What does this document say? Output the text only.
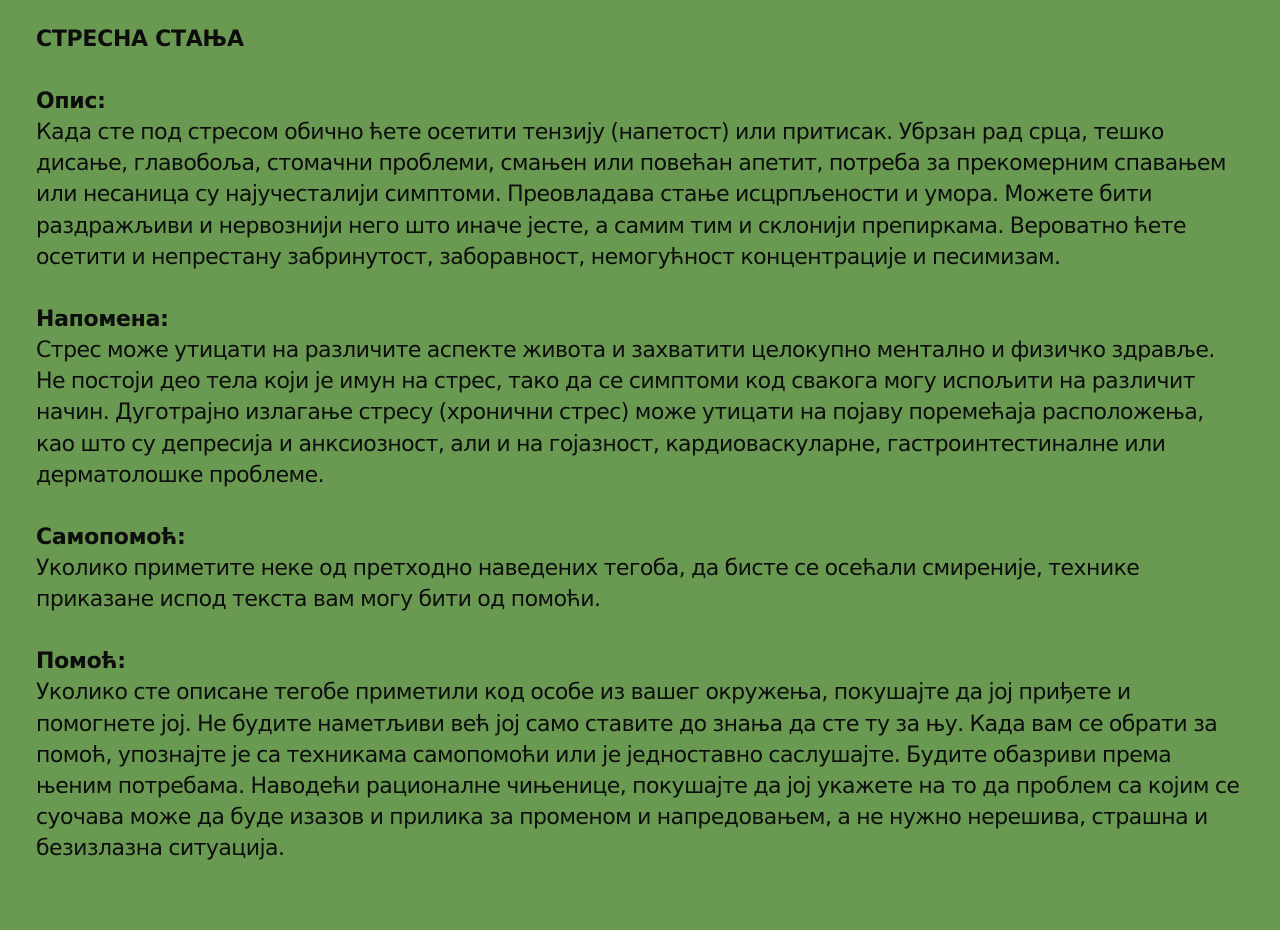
СТРЕСНА СТАЊА
Опис:

Када сте под стресом обично ћете осетити тензију (напетост) или притисак. Убрзан рад срца, тешко дисање, главобоља, стомачни проблеми, смањен или повећан апетит, потреба за прекомерним спавањем или несаница су најучесталији симптоми. Преовладава стање исцрпљености и умора. Можете бити раздражљиви и нервознији него што иначе јесте, а самим тим и склонији препиркама. Вероватно ћете осетити и непрестану забринутост, заборавност, немогућност концентрације и песимизам.

Напомена:

Стрес може утицати на различите аспекте живота и захватити целокупно ментално и физичко здравље. Не постоји део тела који је имун на стрес, тако да се симптоми код свакога могу испољити на различит начин. Дуготрајно излагање стресу (хронични стрес) може утицати на појаву поремећаја расположења, као што су депресија и анксиозност, али и на гојазност, кардиоваскуларне, гастроинтестиналне или дерматолошке проблеме.

Самопомоћ:

Уколико приметите неке од претходно наведених тегоба, да бисте се осећали смиреније, технике приказане испод текста вам могу бити од помоћи.

Помоћ:

Уколико сте описане тегобе приметили код особе из вашег окружења, покушајте да јој приђете и помогнете јој. Не будите наметљиви већ јој само ставите до знања да сте ту за њу. Када вам се обрати за помоћ, упознајте је са техникама самопомоћи или је једноставно саслушајте. Будите обазриви према њеним потребама. Наводећи рационалне чињенице, покушајте да јој укажете на то да проблем са којим се суочава може да буде изазов и прилика за променом и напредовањем, а не нужно нерешива, страшна и безизлазна ситуација.
